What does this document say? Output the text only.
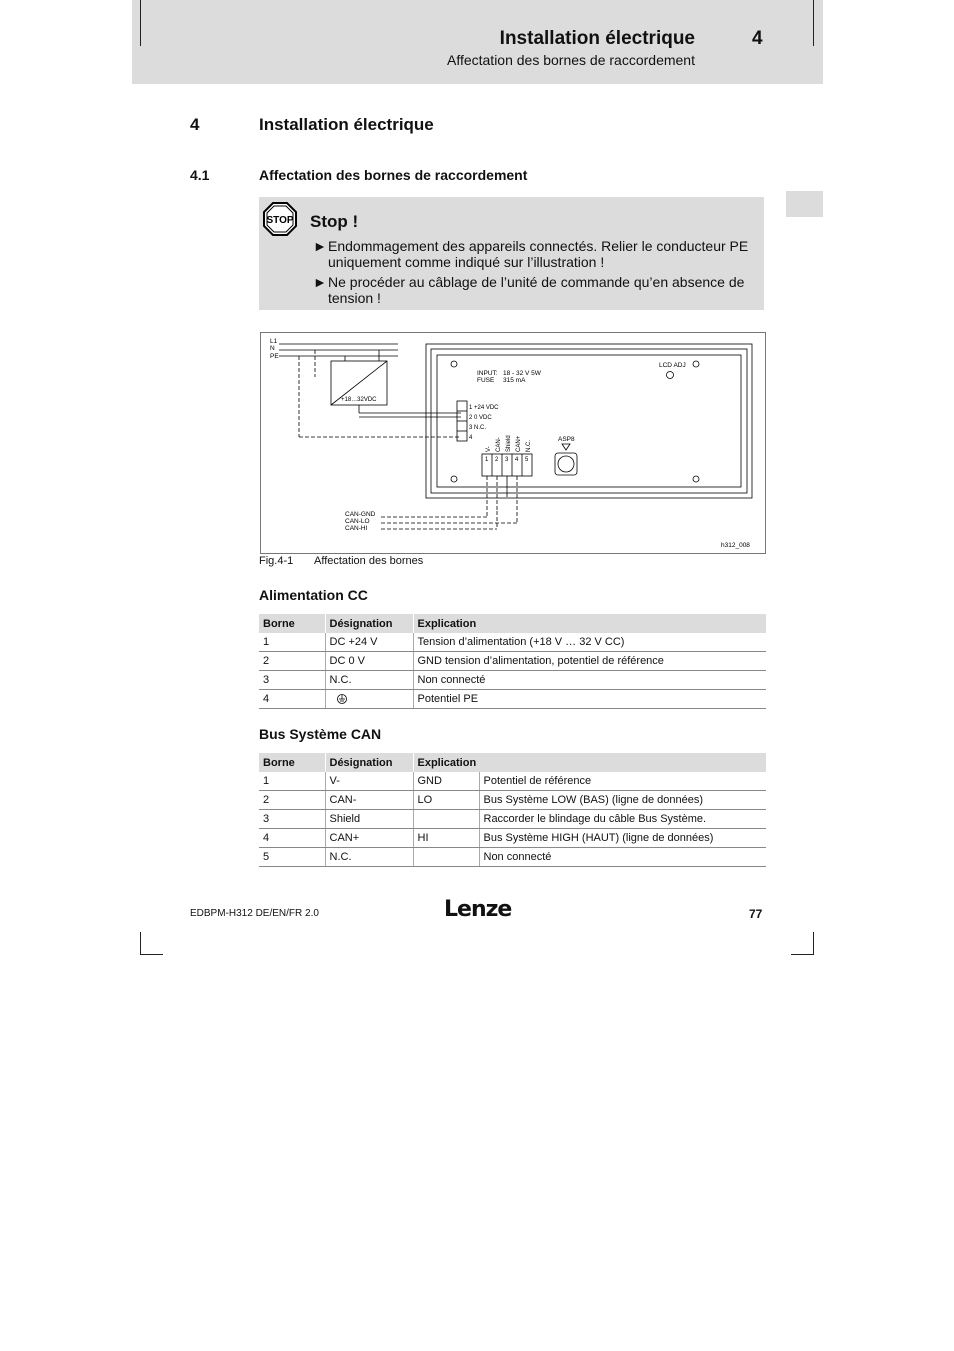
Installation électrique	4
Affectation des bornes de raccordement
4	Installation électrique
4.1	Affectation des bornes de raccordement
STOP Stop !
► Endommagement des appareils connectés. Relier le conducteur PE uniquement comme indiqué sur l’illustration !
► Ne procéder au câblage de l’unité de commande qu’en absence de tension !
L1
N
PE
+18…32VDC
INPUT: 18 - 32 V 5W
FUSE 315 mA
LCD ADJ
1 +24 VDC
2 0 VDC
3 N.C.
4
1 2 3 4 5
V- CAN- Shield CAN+ N.C.
ASP8
CAN-GND
CAN-LO
CAN-HI
h312_008
Fig.4-1 Affectation des bornes
Alimentation CC
Borne	Désignation	Explication
1	DC +24 V	Tension d’alimentation (+18 V … 32 V CC)
2	DC 0 V	GND tension d’alimentation, potentiel de référence
3	N.C.	Non connecté
4		Potentiel PE
Bus Système CAN
Borne	Désignation	Explication	
1	V-	GND	Potentiel de référence
2	CAN-	LO	Bus Système LOW (BAS) (ligne de données)
3	Shield		Raccorder le blindage du câble Bus Système.
4	CAN+	HI	Bus Système HIGH (HAUT) (ligne de données)
5	N.C.		Non connecté
EDBPM-H312 DE/EN/FR 2.0	Lenze	77
